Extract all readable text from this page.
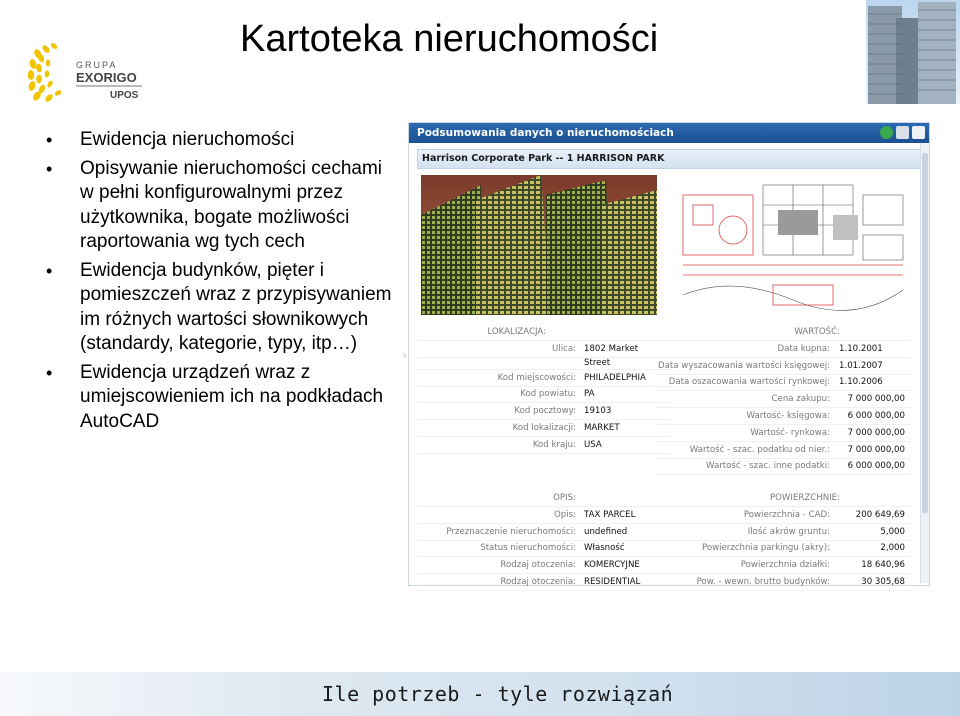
GRUPA
EXORIGO
UPOS
Kartoteka nieruchomości
• Ewidencja nieruchomości
• Opisywanie nieruchomości cechami w pełni konfigurowalnymi przez użytkownika, bogate możliwości raportowania wg tych cech
• Ewidencja budynków, pięter i pomieszczeń wraz z przypisywaniem im różnych wartości słownikowych (standardy, kategorie, typy, itp…)
• Ewidencja urządzeń wraz z umiejscowieniem ich na podkładach AutoCAD
›
Podsumowania danych o nieruchomościach
Harrison Corporate Park -- 1 HARRISON PARK
LOKALIZACJA:
Ulica: 1802 Market
Street
Kod miejscowości: PHILADELPHIA
Kod powiatu: PA
Kod pocztowy: 19103
Kod lokalizacji: MARKET
Kod kraju: USA
WARTOŚĆ:
Data kupna:	1.10.2001
Data wyszacowania wartości księgowej:	1.01.2007
Data oszacowania wartości rynkowej:	1.10.2006
Cena zakupu:	7 000 000,00
Wartość- księgowa:	6 000 000,00
Wartość- rynkowa:	7 000 000,00
Wartość - szac. podatku od nier.:	7 000 000,00
Wartość - szac. inne podatki:	6 000 000,00
OPIS:
Opis: TAX PARCEL
Przeznaczenie nieruchomości: undefined
Status nieruchomości: Własność
Rodzaj otoczenia: KOMERCYJNE
Rodzaj otoczenia: RESIDENTIAL
POWIERZCHNIE:
Powierzchnia - CAD:	200 649,69
Ilość akrów gruntu:	5,000
Powierzchnia parkingu (akry):	2,000
Powierzchnia działki:	18 640,96
Pow. - wewn. brutto budynków:	30 305,68
Ile potrzeb - tyle rozwiązań
